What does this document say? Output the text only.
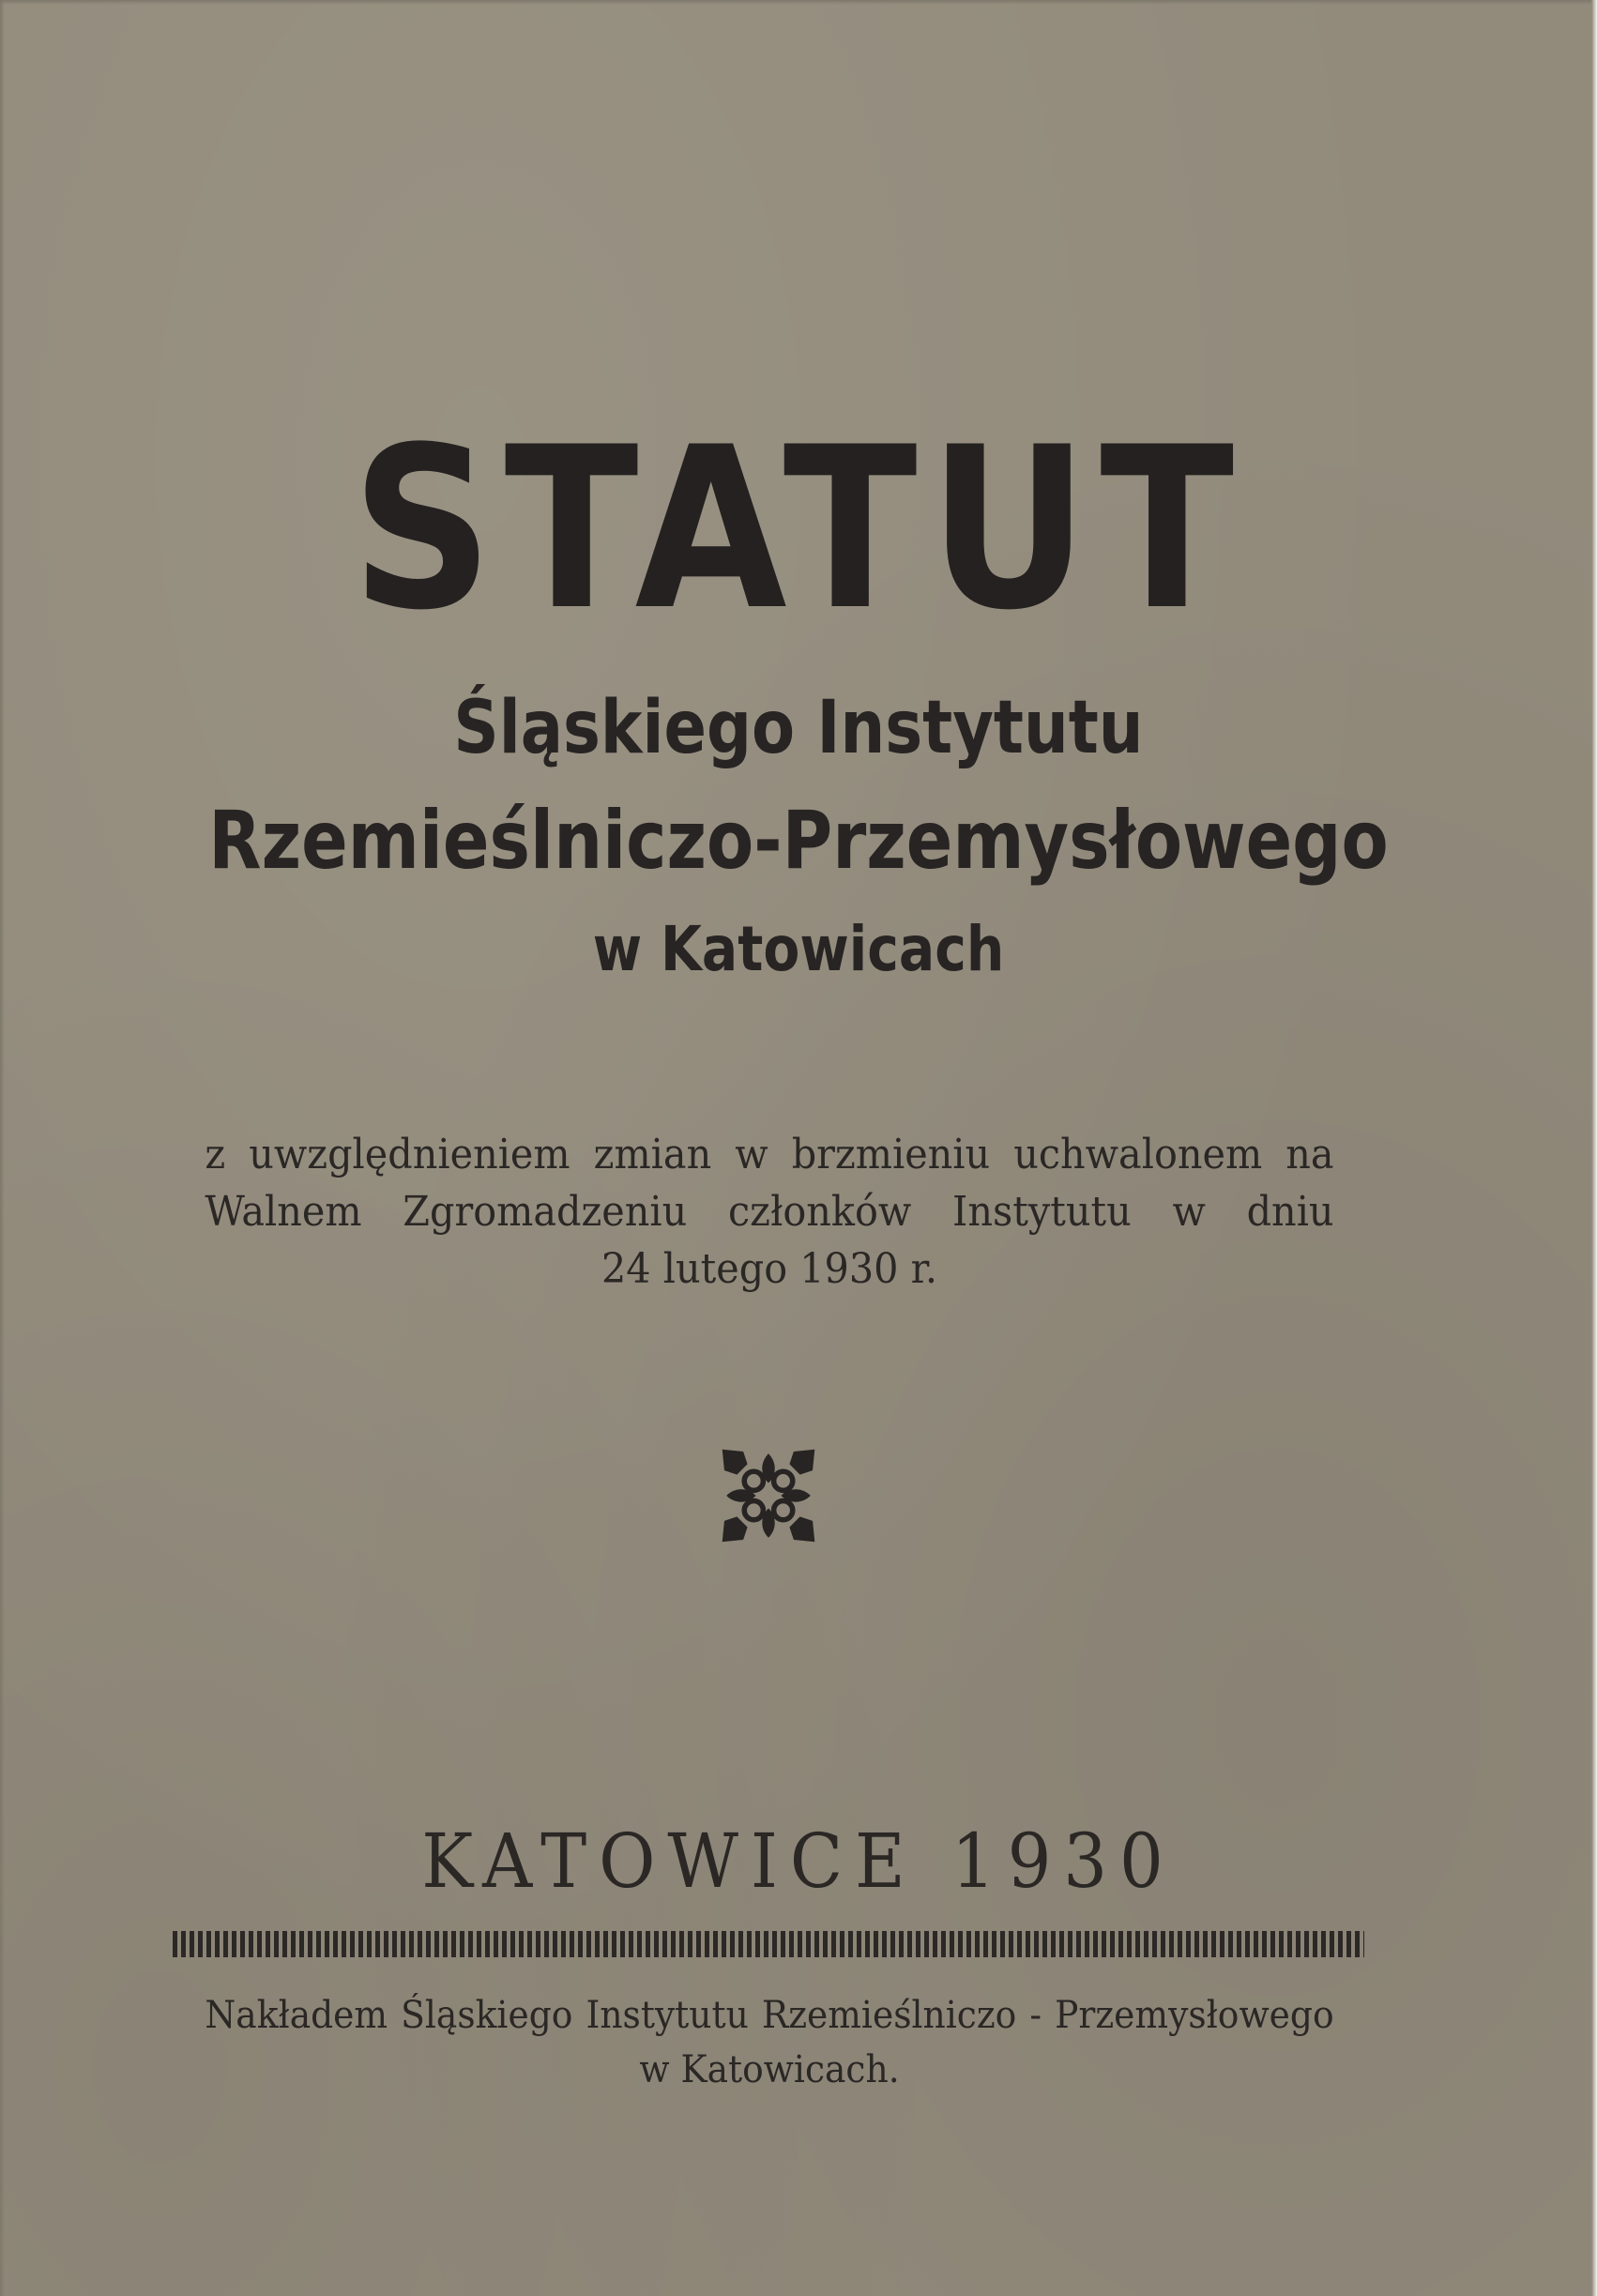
STATUT

Śląskiego Instytutu

Rzemieślniczo-Przemysłowego

w Katowicach

z uwzględnieniem zmian w brzmieniu uchwalonem na

Walnem Zgromadzeniu członków Instytutu w dniu

24 lutego 1930 r.

KATOWICE 1930

Nakładem Śląskiego Instytutu Rzemieślniczo - Przemysłowego

w Katowicach.
